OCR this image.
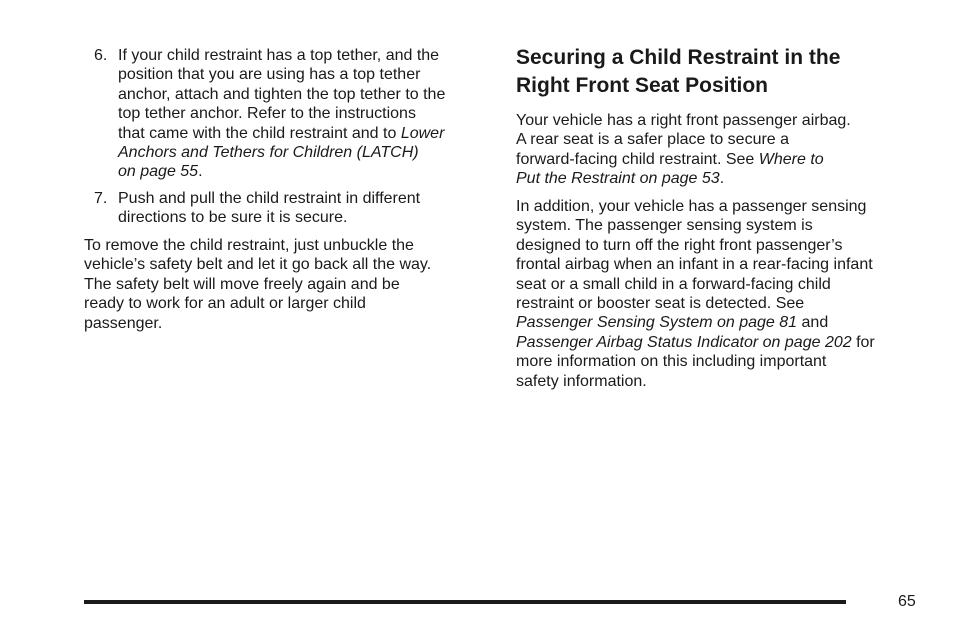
6. If your child restraint has a top tether, and the
position that you are using has a top tether
anchor, attach and tighten the top tether to the
top tether anchor. Refer to the instructions
that came with the child restraint and to Lower
Anchors and Tethers for Children (LATCH)
on page 55.
7. Push and pull the child restraint in different
directions to be sure it is secure.
To remove the child restraint, just unbuckle the
vehicle’s safety belt and let it go back all the way.
The safety belt will move freely again and be
ready to work for an adult or larger child
passenger.
Securing a Child Restraint in the
Right Front Seat Position
Your vehicle has a right front passenger airbag.
A rear seat is a safer place to secure a
forward-facing child restraint. See Where to
Put the Restraint on page 53.
In addition, your vehicle has a passenger sensing
system. The passenger sensing system is
designed to turn off the right front passenger’s
frontal airbag when an infant in a rear-facing infant
seat or a small child in a forward-facing child
restraint or booster seat is detected. See
Passenger Sensing System on page 81 and
Passenger Airbag Status Indicator on page 202 for
more information on this including important
safety information.
65
